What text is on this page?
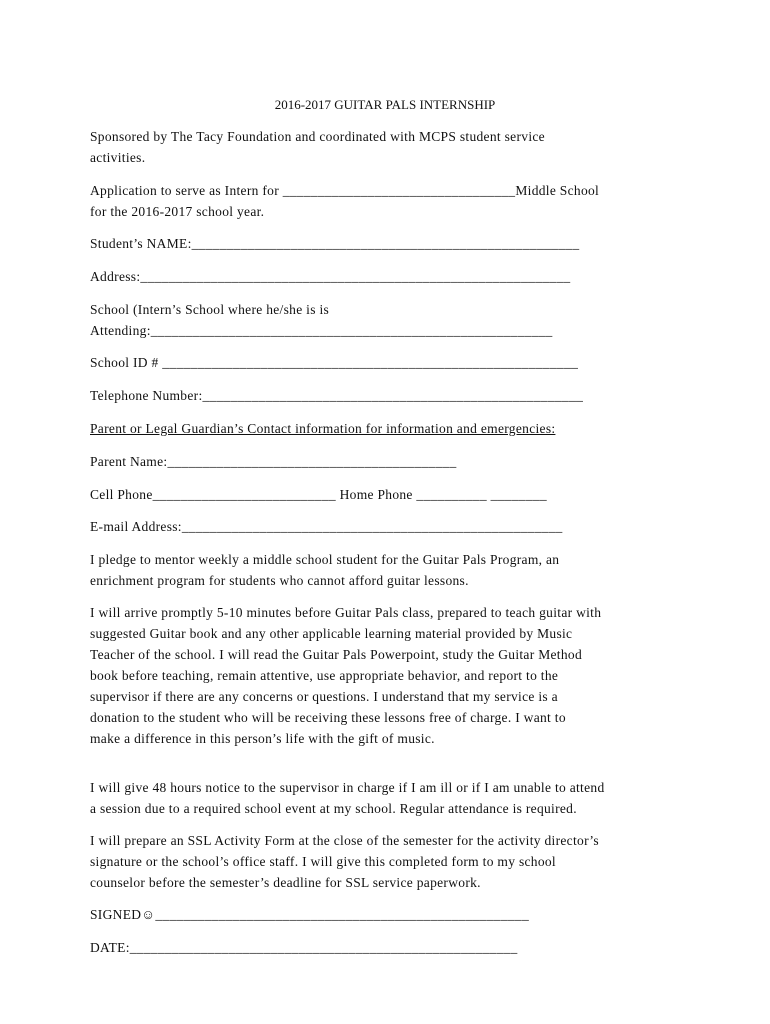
2016-2017 GUITAR PALS INTERNSHIP
Sponsored by The Tacy Foundation and coordinated with MCPS student service
activities.
Application to serve as Intern for _________________________________Middle School
for the 2016-2017 school year.
Student’s NAME:_______________________________________________________
Address:_____________________________________________________________
School (Intern’s School where he/she is is
Attending:_________________________________________________________
School ID # ___________________________________________________________
Telephone Number:______________________________________________________
Parent or Legal Guardian’s Contact information for information and emergencies:
Parent Name:_________________________________________
Cell Phone__________________________ Home Phone __________ ________
E-mail Address:______________________________________________________
I pledge to mentor weekly a middle school student for the Guitar Pals Program, an
enrichment program for students who cannot afford guitar lessons.
I will arrive promptly 5-10 minutes before Guitar Pals class, prepared to teach guitar with
suggested Guitar book and any other applicable learning material provided by Music
Teacher of the school. I will read the Guitar Pals Powerpoint, study the Guitar Method
book before teaching, remain attentive, use appropriate behavior, and report to the
supervisor if there are any concerns or questions. I understand that my service is a
donation to the student who will be receiving these lessons free of charge. I want to
make a difference in this person’s life with the gift of music.
I will give 48 hours notice to the supervisor in charge if I am ill or if I am unable to attend
a session due to a required school event at my school. Regular attendance is required.
I will prepare an SSL Activity Form at the close of the semester for the activity director’s
signature or the school’s office staff. I will give this completed form to my school
counselor before the semester’s deadline for SSL service paperwork.
SIGNED☺_____________________________________________________
DATE:_______________________________________________________
